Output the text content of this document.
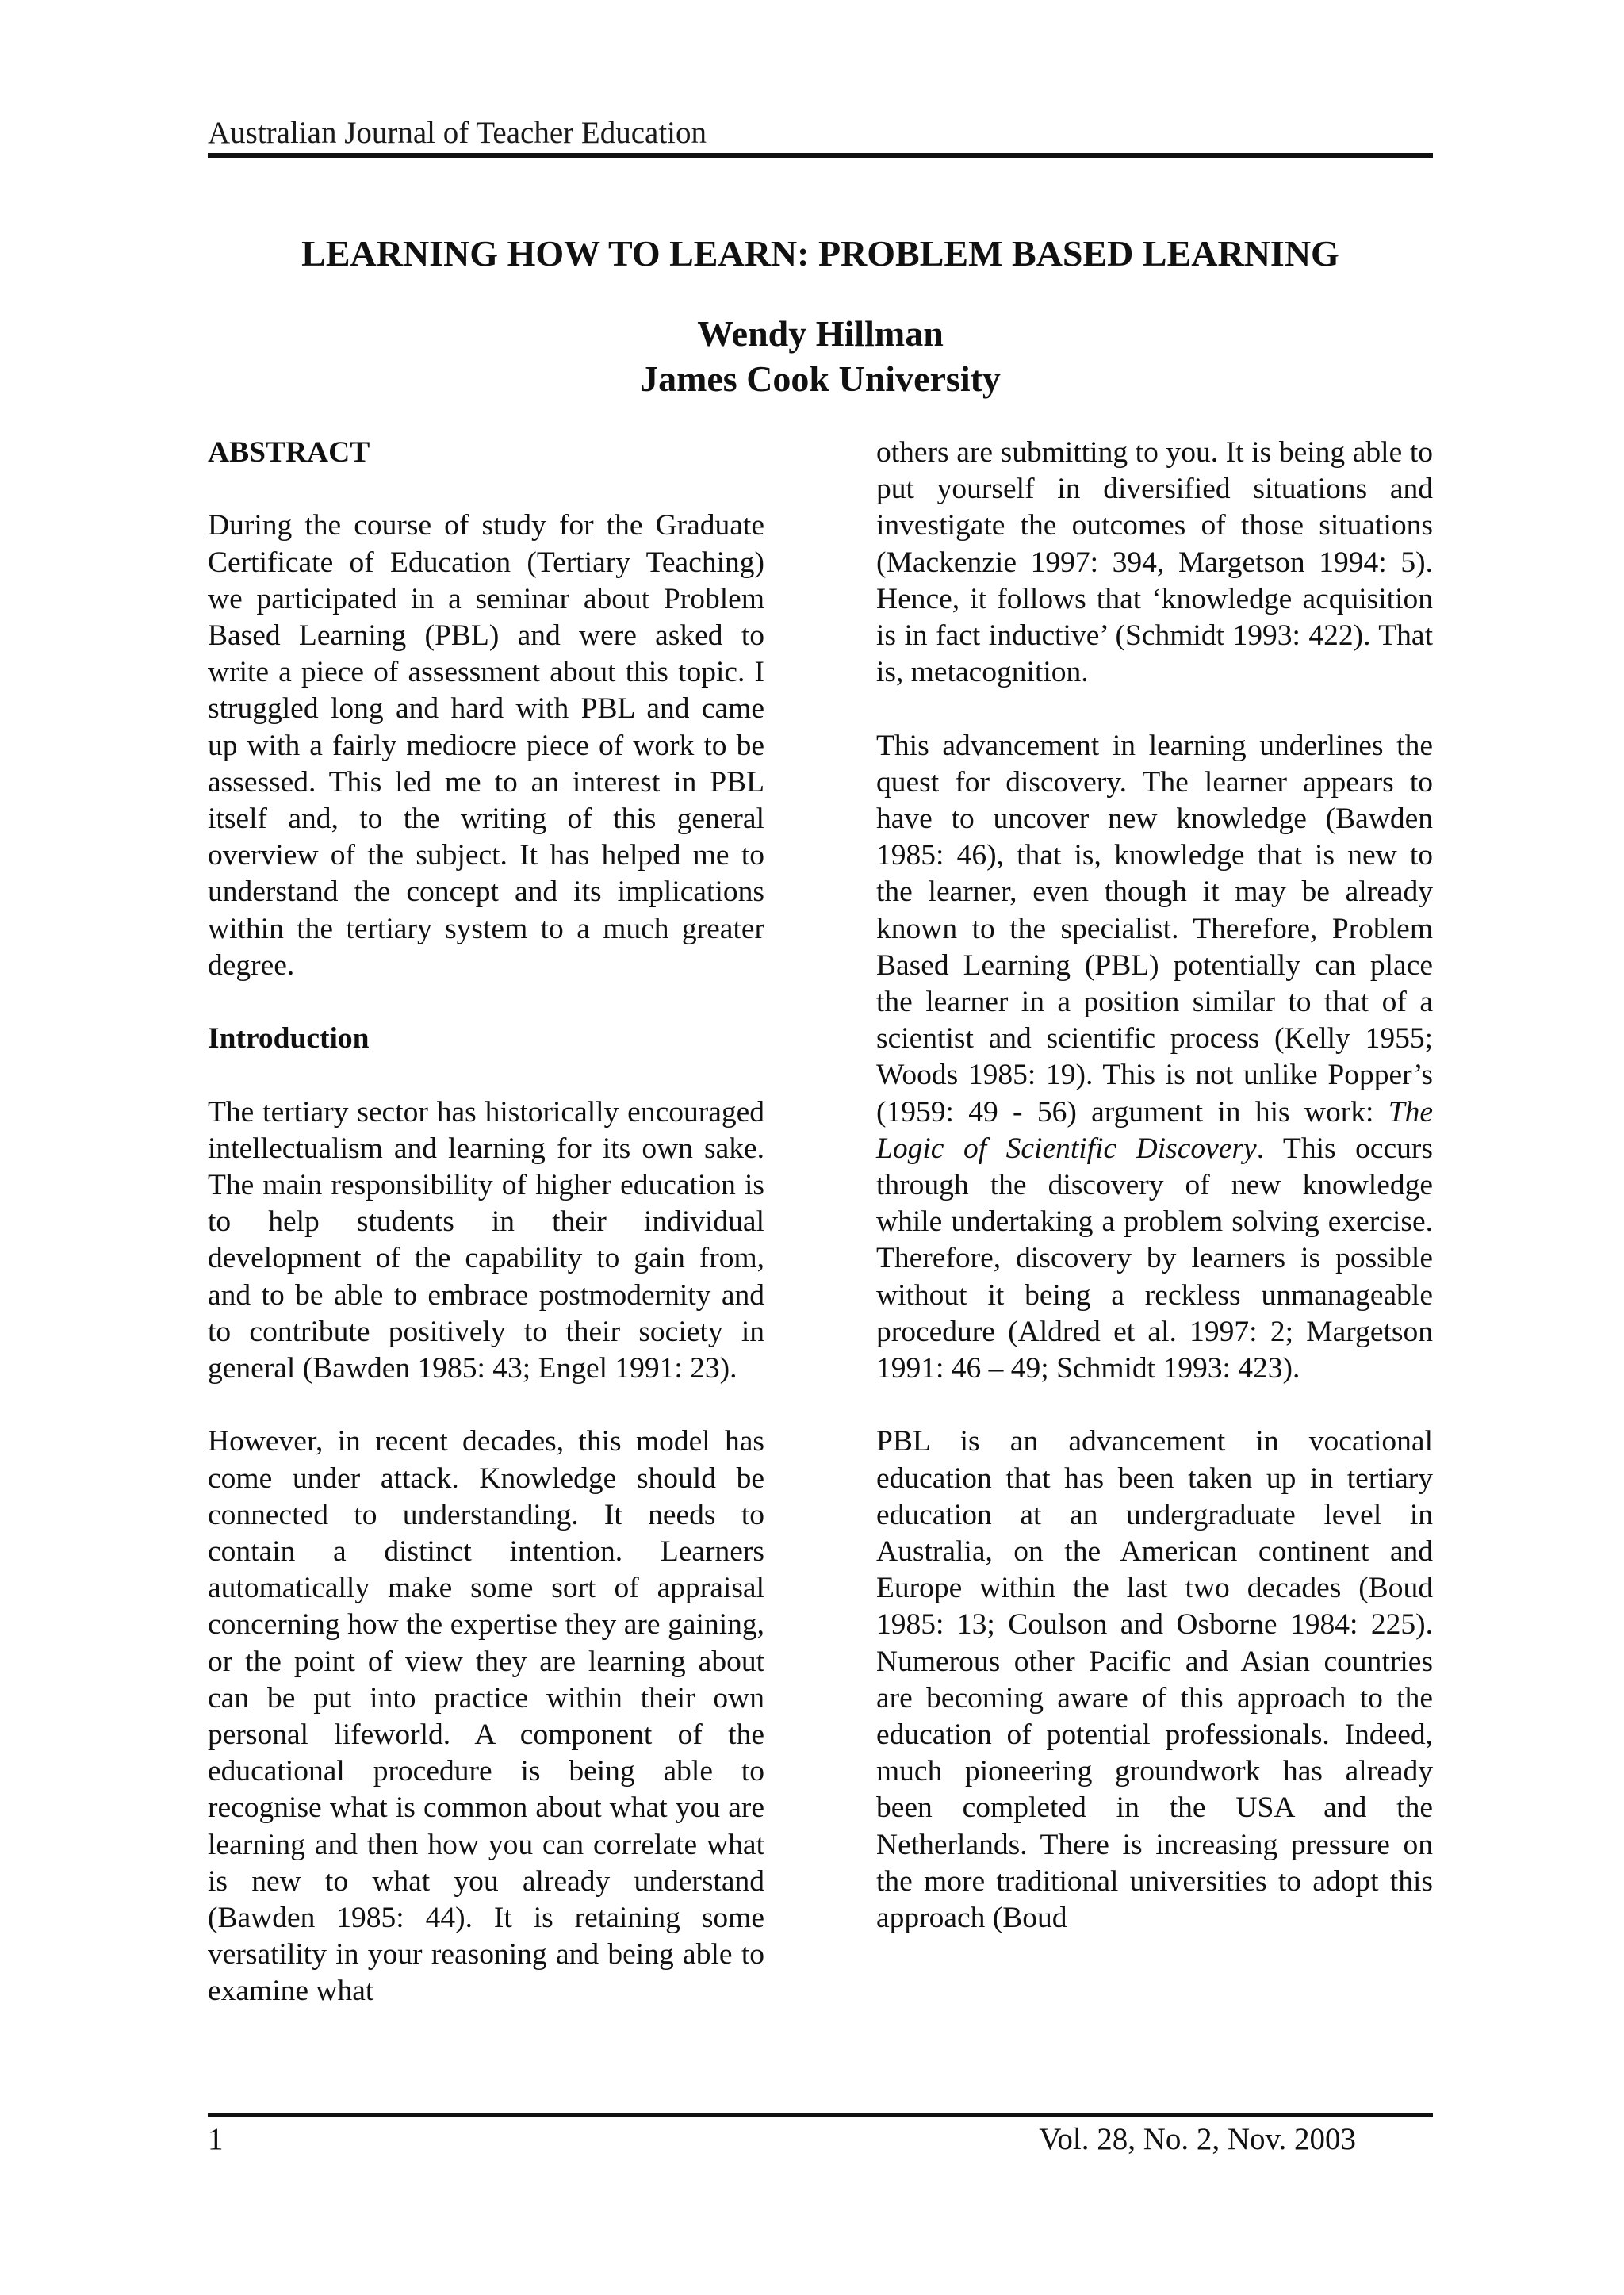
Australian Journal of Teacher Education
LEARNING HOW TO LEARN: PROBLEM BASED LEARNING
Wendy Hillman
James Cook University
ABSTRACT

During the course of study for the Graduate Certificate of Education (Tertiary Teaching) we participated in a seminar about Problem Based Learning (PBL) and were asked to write a piece of assessment about this topic. I struggled long and hard with PBL and came up with a fairly mediocre piece of work to be assessed. This led me to an interest in PBL itself and, to the writing of this general overview of the subject. It has helped me to understand the concept and its implications within the tertiary system to a much greater degree.

Introduction

The tertiary sector has historically encouraged intellectualism and learning for its own sake. The main responsibility of higher education is to help students in their individual development of the capability to gain from, and to be able to embrace postmodernity and to contribute positively to their society in general (Bawden 1985: 43; Engel 1991: 23).

However, in recent decades, this model has come under attack. Knowledge should be connected to understanding. It needs to contain a distinct intention. Learners automatically make some sort of appraisal concerning how the expertise they are gaining, or the point of view they are learning about can be put into practice within their own personal lifeworld. A component of the educational procedure is being able to recognise what is common about what you are learning and then how you can correlate what is new to what you already understand (Bawden 1985: 44). It is retaining some versatility in your reasoning and being able to examine what

others are submitting to you. It is being able to put yourself in diversified situations and investigate the outcomes of those situations (Mackenzie 1997: 394, Margetson 1994: 5). Hence, it follows that ‘knowledge acquisition is in fact inductive’ (Schmidt 1993: 422). That is, metacognition.

This advancement in learning underlines the quest for discovery. The learner appears to have to uncover new knowledge (Bawden 1985: 46), that is, knowledge that is new to the learner, even though it may be already known to the specialist. Therefore, Problem Based Learning (PBL) potentially can place the learner in a position similar to that of a scientist and scientific process (Kelly 1955; Woods 1985: 19). This is not unlike Popper’s (1959: 49 - 56) argument in his work: The Logic of Scientific Discovery. This occurs through the discovery of new knowledge while undertaking a problem solving exercise. Therefore, discovery by learners is possible without it being a reckless unmanageable procedure (Aldred et al. 1997: 2; Margetson 1991: 46 – 49; Schmidt 1993: 423).

PBL is an advancement in vocational education that has been taken up in tertiary education at an undergraduate level in Australia, on the American continent and Europe within the last two decades (Boud 1985: 13; Coulson and Osborne 1984: 225). Numerous other Pacific and Asian countries are becoming aware of this approach to the education of potential professionals. Indeed, much pioneering groundwork has already been completed in the USA and the Netherlands. There is increasing pressure on the more traditional universities to adopt this approach (Boud

1	Vol. 28, No. 2, Nov. 2003
